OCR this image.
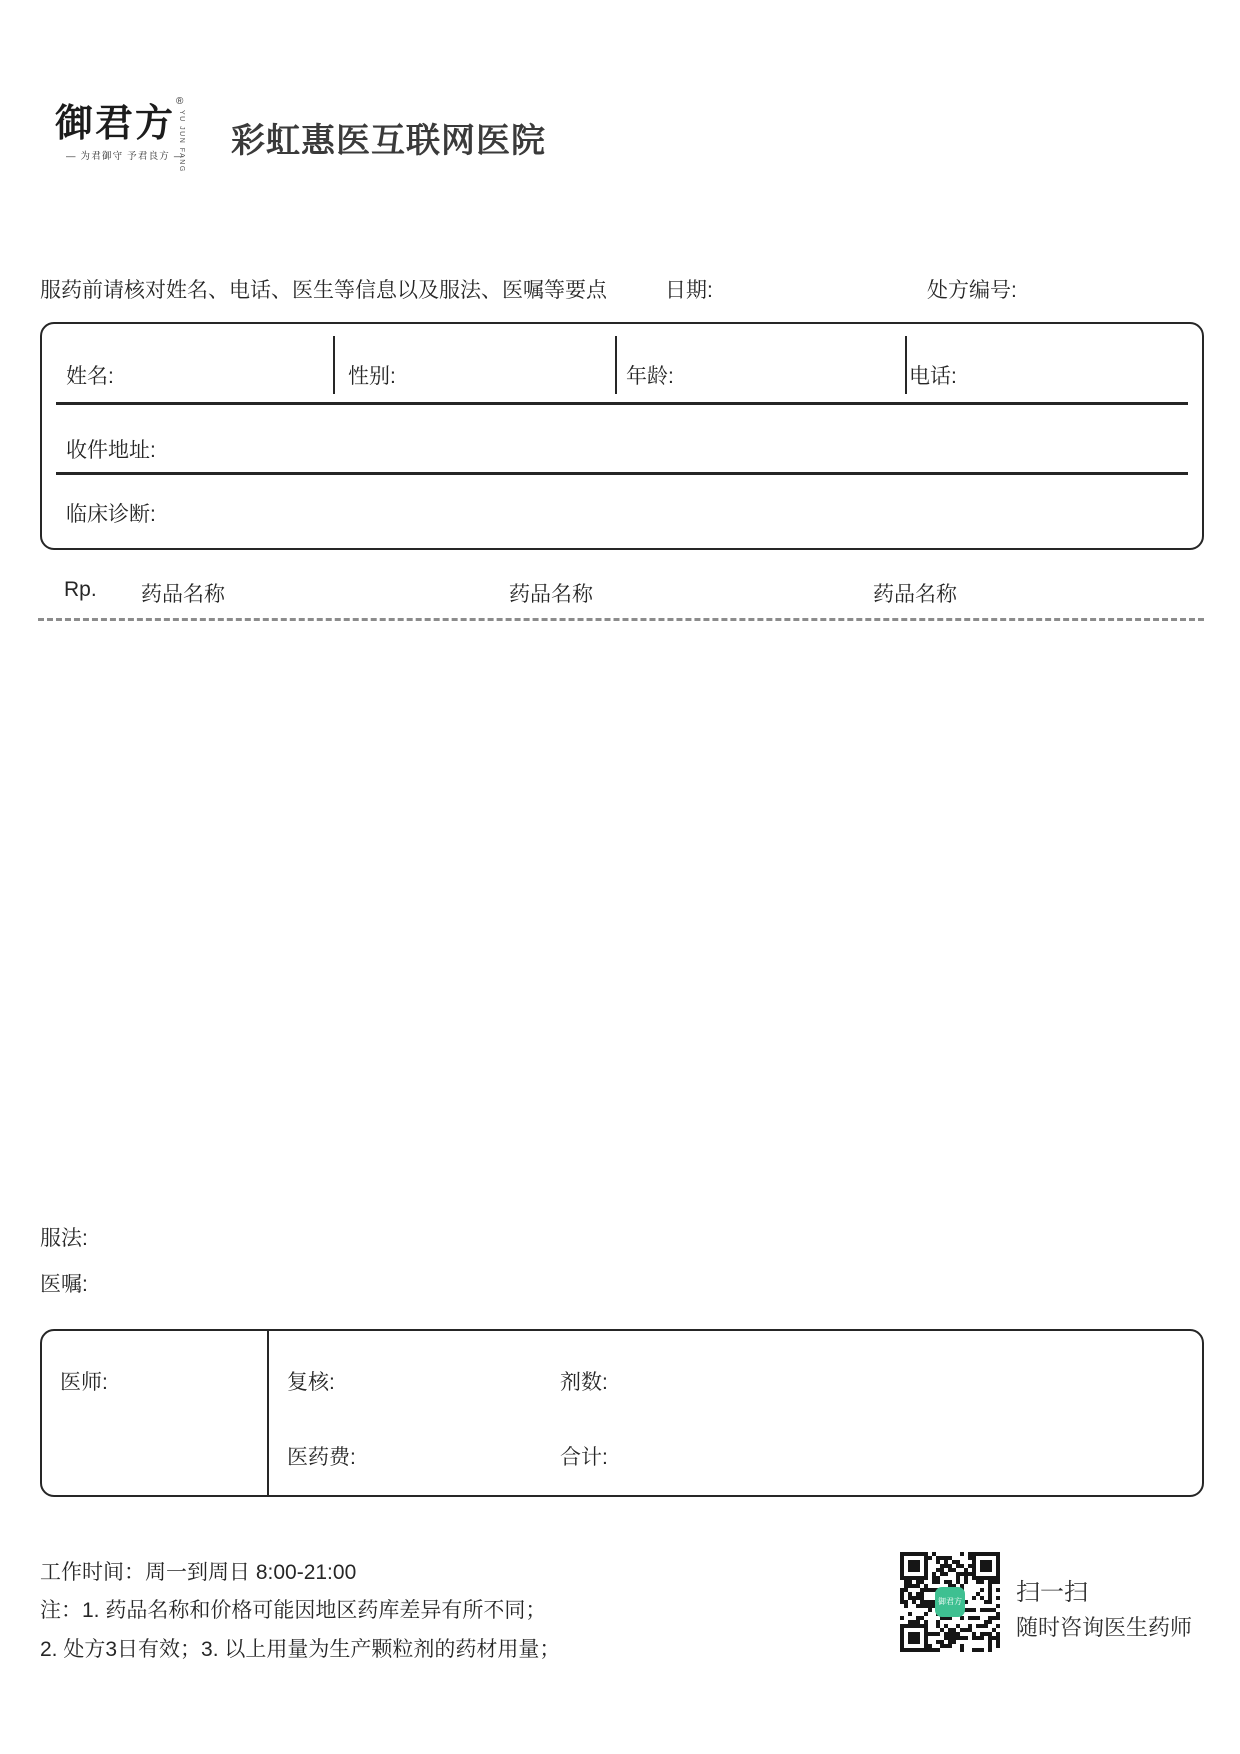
御君方 ®
YU JUN FANG
— 为君御守 予君良方 — 彩虹惠医互联网医院
服药前请核对姓名、电话、医生等信息以及服法、医嘱等要点	日期:	处方编号:
姓名:	性别:	年龄:	电话:
收件地址:
临床诊断:
Rp. 药品名称	药品名称	药品名称
服法:
医嘱:
医师:	复核:	剂数:
医药费:	合计:
工作时间：周一到周日 8:00-21:00
注：1. 药品名称和价格可能因地区药库差异有所不同；
2. 处方3日有效；3. 以上用量为生产颗粒剂的药材用量；
御君方 扫一扫
随时咨询医生药师
